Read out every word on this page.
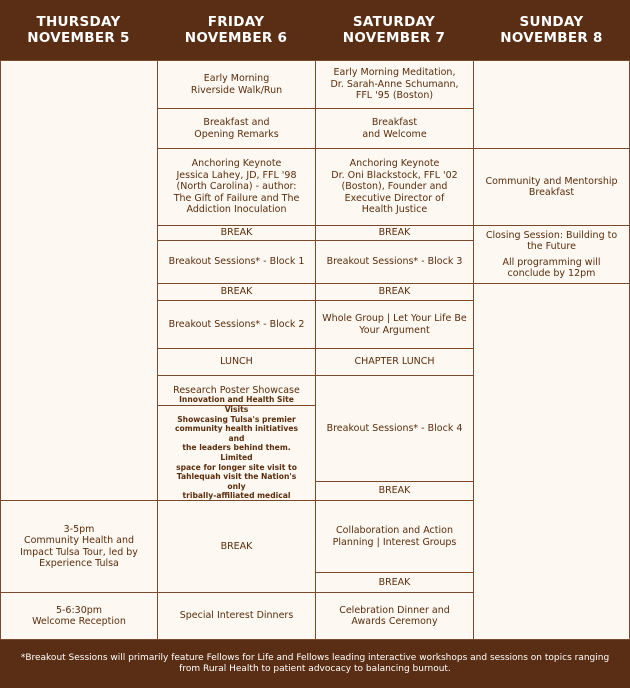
THURSDAY
NOVEMBER 5
FRIDAY
NOVEMBER 6
SATURDAY
NOVEMBER 7
SUNDAY
NOVEMBER 8
3-5pm
Community Health and
Impact Tulsa Tour, led by
Experience Tulsa
5-6:30pm
Welcome Reception
Early Morning
Riverside Walk/Run
Breakfast and
Opening Remarks
Anchoring Keynote
Jessica Lahey, JD, FFL '98
(North Carolina) - author:
The Gift of Failure and The
Addiction Inoculation
BREAK
Breakout Sessions* - Block 1
BREAK
Breakout Sessions* - Block 2
LUNCH
Research Poster Showcase
Innovation and Health Site Visits
Showcasing Tulsa's premier
community health initiatives and
the leaders behind them. Limited
space for longer site visit to
Tahlequah visit the Nation's only
tribally-affiliated medical
BREAK
Special Interest Dinners
Early Morning Meditation,
Dr. Sarah-Anne Schumann,
FFL '95 (Boston)
Breakfast
and Welcome
Anchoring Keynote
Dr. Oni Blackstock, FFL '02
(Boston), Founder and
Executive Director of
Health Justice
BREAK
Breakout Sessions* - Block 3
BREAK
Whole Group | Let Your Life Be
Your Argument
CHAPTER LUNCH
Breakout Sessions* - Block 4
BREAK
Collaboration and Action
Planning | Interest Groups
BREAK
Celebration Dinner and
Awards Ceremony
Community and Mentorship
Breakfast
Closing Session: Building to
the Future
All programming will
conclude by 12pm
*Breakout Sessions will primarily feature Fellows for Life and Fellows leading interactive workshops and sessions on topics ranging from Rural Health to patient advocacy to balancing burnout.
